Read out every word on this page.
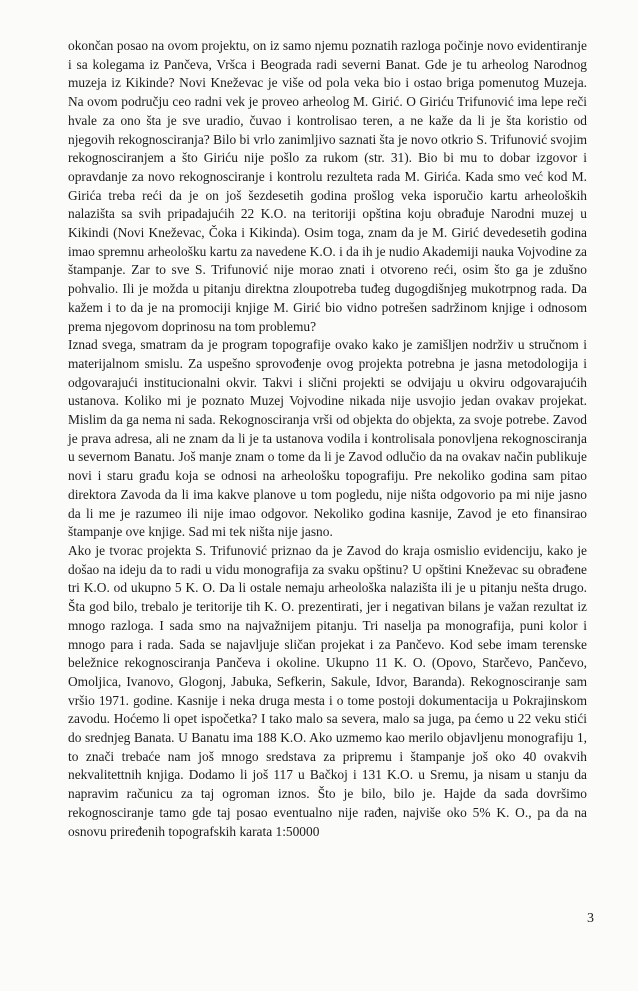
okončan posao na ovom projektu, on iz samo njemu poznatih razloga počinje novo evidentiranje i sa kolegama iz Pančeva, Vršca i Beograda radi severni Banat. Gde je tu arheolog Narodnog muzeja iz Kikinde? Novi Kneževac je više od pola veka bio i ostao briga pomenutog Muzeja. Na ovom području ceo radni vek je proveo arheolog M. Girić. O Giriću Trifunović ima lepe reči hvale za ono šta je sve uradio, čuvao i kontrolisao teren, a ne kaže da li je šta koristio od njegovih rekognosciranja? Bilo bi vrlo zanimljivo saznati šta je novo otkrio S. Trifunović svojim rekognosciranjem a što Giriću nije pošlo za rukom (str. 31). Bio bi mu to dobar izgovor i opravdanje za novo rekognosciranje i kontrolu rezulteta rada M. Girića. Kada smo već kod M. Girića treba reći da je on još šezdesetih godina prošlog veka isporučio kartu arheoloških nalazišta sa svih pripadajućih 22 K.O. na teritoriji opština koju obrađuje Narodni muzej u Kikindi (Novi Kneževac, Čoka i Kikinda). Osim toga, znam da je M. Girić devedesetih godina imao spremnu arheološku kartu za navedene K.O. i da ih je nudio Akademiji nauka Vojvodine za štampanje. Zar to sve S. Trifunović nije morao znati i otvoreno reći, osim što ga je zdušno pohvalio. Ili je možda u pitanju direktna zloupotreba tuđeg dugogdišnjeg mukotrpnog rada. Da kažem i to da je na promociji knjige M. Girić bio vidno potrešen sadržinom knjige i odnosom prema njegovom doprinosu na tom problemu?

Iznad svega, smatram da je program topografije ovako kako je zamišljen nodrživ u stručnom i materijalnom smislu. Za uspešno sprovođenje ovog projekta potrebna je jasna metodologija i odgovarajući institucionalni okvir. Takvi i slični projekti se odvijaju u okviru odgovarajućih ustanova. Koliko mi je poznato Muzej Vojvodine nikada nije usvojio jedan ovakav projekat. Mislim da ga nema ni sada. Rekognosciranja vrši od objekta do objekta, za svoje potrebe. Zavod je prava adresa, ali ne znam da li je ta ustanova vodila i kontrolisala ponovljena rekognosciranja u severnom Banatu. Još manje znam o tome da li je Zavod odlučio da na ovakav način publikuje novi i staru građu koja se odnosi na arheološku topografiju. Pre nekoliko godina sam pitao direktora Zavoda da li ima kakve planove u tom pogledu, nije ništa odgovorio pa mi nije jasno da li me je razumeo ili nije imao odgovor. Nekoliko godina kasnije, Zavod je eto finansirao štampanje ove knjige. Sad mi tek ništa nije jasno.

Ako je tvorac projekta S. Trifunović priznao da je Zavod do kraja osmislio evidenciju, kako je došao na ideju da to radi u vidu monografija za svaku opštinu? U opštini Kneževac su obrađene tri K.O. od ukupno 5 K. O. Da li ostale nemaju arheološka nalazišta ili je u pitanju nešta drugo. Šta god bilo, trebalo je teritorije tih K. O. prezentirati, jer i negativan bilans je važan rezultat iz mnogo razloga. I sada smo na najvažnijem pitanju. Tri naselja pa monografija, puni kolor i mnogo para i rada. Sada se najavljuje sličan projekat i za Pančevo. Kod sebe imam terenske beležnice rekognosciranja Pančeva i okoline. Ukupno 11 K. O. (Opovo, Starčevo, Pančevo, Omoljica, Ivanovo, Glogonj, Jabuka, Sefkerin, Sakule, Idvor, Baranda). Rekognosciranje sam vršio 1971. godine. Kasnije i neka druga mesta i o tome postoji dokumentacija u Pokrajinskom zavodu. Hoćemo li opet ispočetka? I tako malo sa severa, malo sa juga, pa ćemo u 22 veku stići do srednjeg Banata. U Banatu ima 188 K.O. Ako uzmemo kao merilo objavljenu monografiju 1, to znači trebaće nam još mnogo sredstava za pripremu i štampanje još oko 40 ovakvih nekvalitettnih knjiga. Dodamo li još 117 u Bačkoj i 131 K.O. u Sremu, ja nisam u stanju da napravim računicu za taj ogroman iznos. Što je bilo, bilo je. Hajde da sada dovršimo rekognosciranje tamo gde taj posao eventualno nije rađen, najviše oko 5% K. O., pa da na osnovu priređenih topografskih karata 1:50000

3
